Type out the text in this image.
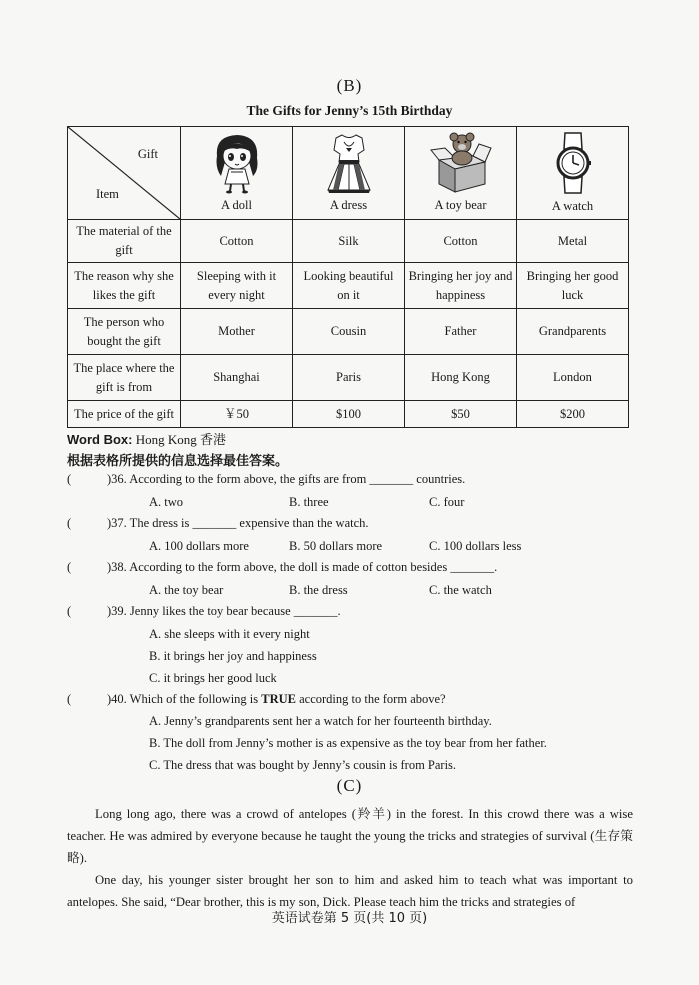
(B)
The Gifts for Jenny’s 15th Birthday
Gift
Item	A doll	A dress	A toy bear	A watch
The material of the gift	Cotton	Silk	Cotton	Metal
The reason why she likes the gift	Sleeping with it every night	Looking beautiful on it	Bringing her joy and happiness	Bringing her good luck
The person who bought the gift	Mother	Cousin	Father	Grandparents
The place where the gift is from	Shanghai	Paris	Hong Kong	London
The price of the gift	￥50	$100	$50	$200
Word Box: Hong Kong 香港
根据表格所提供的信息选择最佳答案。
(	)36. According to the form above, the gifts are from _______ countries.
A. two	B. three	C. four
(	)37. The dress is _______ expensive than the watch.
A. 100 dollars more	B. 50 dollars more	C. 100 dollars less
(	)38. According to the form above, the doll is made of cotton besides _______.
A. the toy bear	B. the dress	C. the watch
(	)39. Jenny likes the toy bear because _______.
A. she sleeps with it every night
B. it brings her joy and happiness
C. it brings her good luck
(	)40. Which of the following is TRUE according to the form above?
A. Jenny’s grandparents sent her a watch for her fourteenth birthday.
B. The doll from Jenny’s mother is as expensive as the toy bear from her father.
C. The dress that was bought by Jenny’s cousin is from Paris.
(C)
Long long ago, there was a crowd of antelopes (羚羊) in the forest. In this crowd there was a wise teacher. He was admired by everyone because he taught the young the tricks and strategies of survival (生存策略).
One day, his younger sister brought her son to him and asked him to teach what was important to antelopes. She said, “Dear brother, this is my son, Dick. Please teach him the tricks and strategies of
英语试卷第 5 页(共 10 页)
